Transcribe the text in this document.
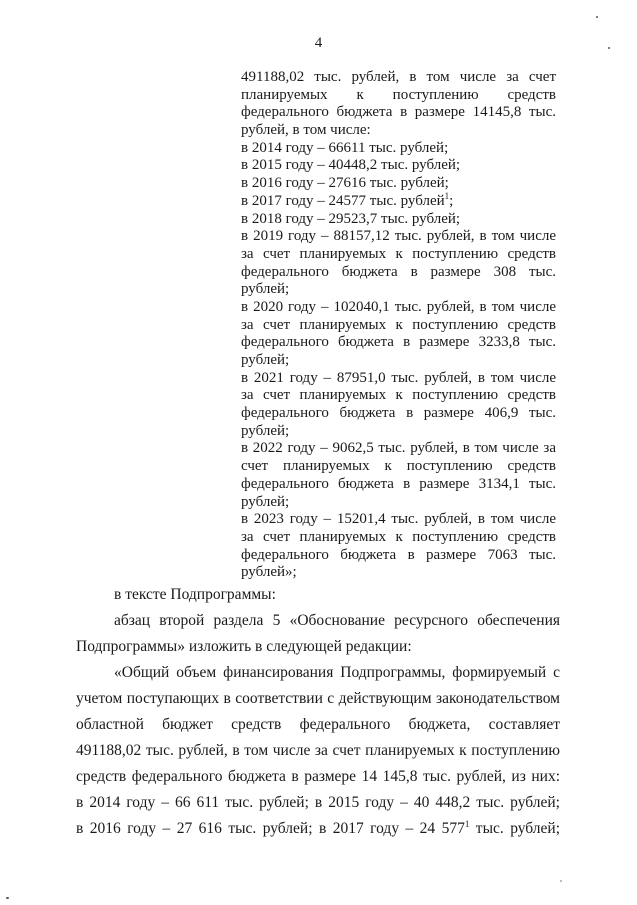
4
491188,02 тыс. рублей, в том числе за счет
планируемых к поступлению средств
федерального бюджета в размере 14145,8 тыс.
рублей, в том числе:
в 2014 году – 66611 тыс. рублей;
в 2015 году – 40448,2 тыс. рублей;
в 2016 году – 27616 тыс. рублей;
в 2017 году – 24577 тыс. рублей$^1$;
в 2018 году – 29523,7 тыс. рублей;
в 2019 году – 88157,12 тыс. рублей, в том числе
за счет планируемых к поступлению средств
федерального бюджета в размере 308 тыс.
рублей;
в 2020 году – 102040,1 тыс. рублей, в том числе
за счет планируемых к поступлению средств
федерального бюджета в размере 3233,8 тыс.
рублей;
в 2021 году – 87951,0 тыс. рублей, в том числе
за счет планируемых к поступлению средств
федерального бюджета в размере 406,9 тыс.
рублей;
в 2022 году – 9062,5 тыс. рублей, в том числе за
счет планируемых к поступлению средств
федерального бюджета в размере 3134,1 тыс.
рублей;
в 2023 году – 15201,4 тыс. рублей, в том числе
за счет планируемых к поступлению средств
федерального бюджета в размере 7063 тыс.
рублей»;
в тексте Подпрограммы:
абзац второй раздела 5 «Обоснование ресурсного обеспечения
Подпрограммы» изложить в следующей редакции:
«Общий объем финансирования Подпрограммы, формируемый с
учетом поступающих в соответствии с действующим законодательством
областной бюджет средств федерального бюджета, составляет
491188,02 тыс. рублей, в том числе за счет планируемых к поступлению
средств федерального бюджета в размере 14 145,8 тыс. рублей, из них:
в 2014 году – 66 611 тыс. рублей; в 2015 году – 40 448,2 тыс. рублей;
в 2016 году – 27 616 тыс. рублей; в 2017 году – 24 $577^1$ тыс. рублей;
